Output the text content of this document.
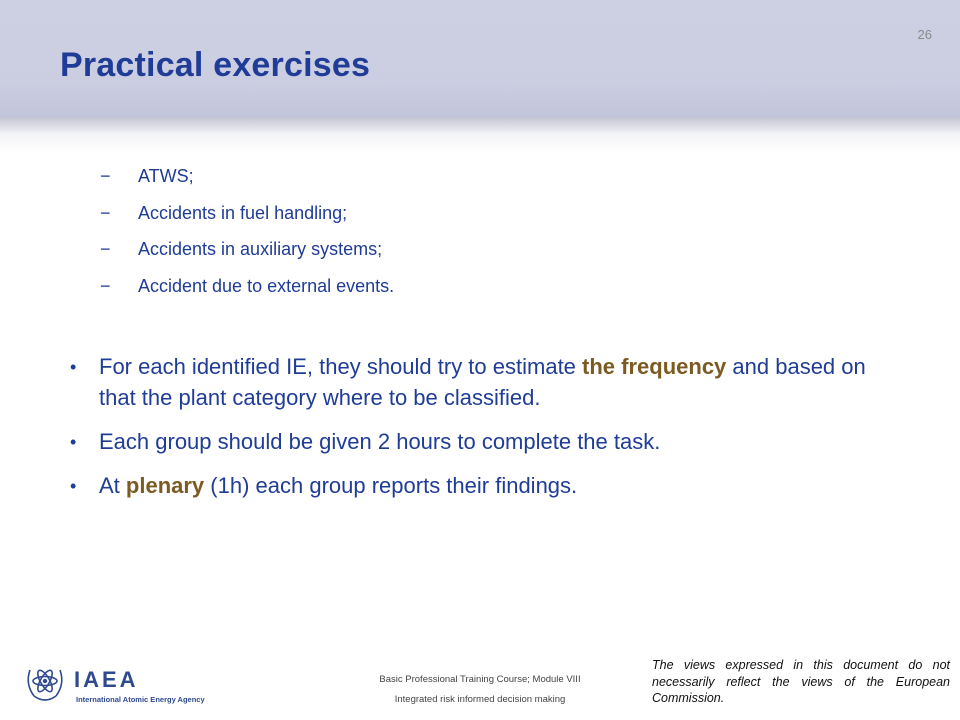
Practical exercises
26
− ATWS;
− Accidents in fuel handling;
− Accidents in auxiliary systems;
− Accident due to external events.
• For each identified IE, they should try to estimate the frequency and based on that the plant category where to be classified.
• Each group should be given 2 hours to complete the task.
• At plenary (1h) each group reports their findings.
IAEA
International Atomic Energy Agency
Basic Professional Training Course; Module VIII
Integrated risk informed decision making
The views expressed in this document do not necessarily reflect the views of the European Commission.
